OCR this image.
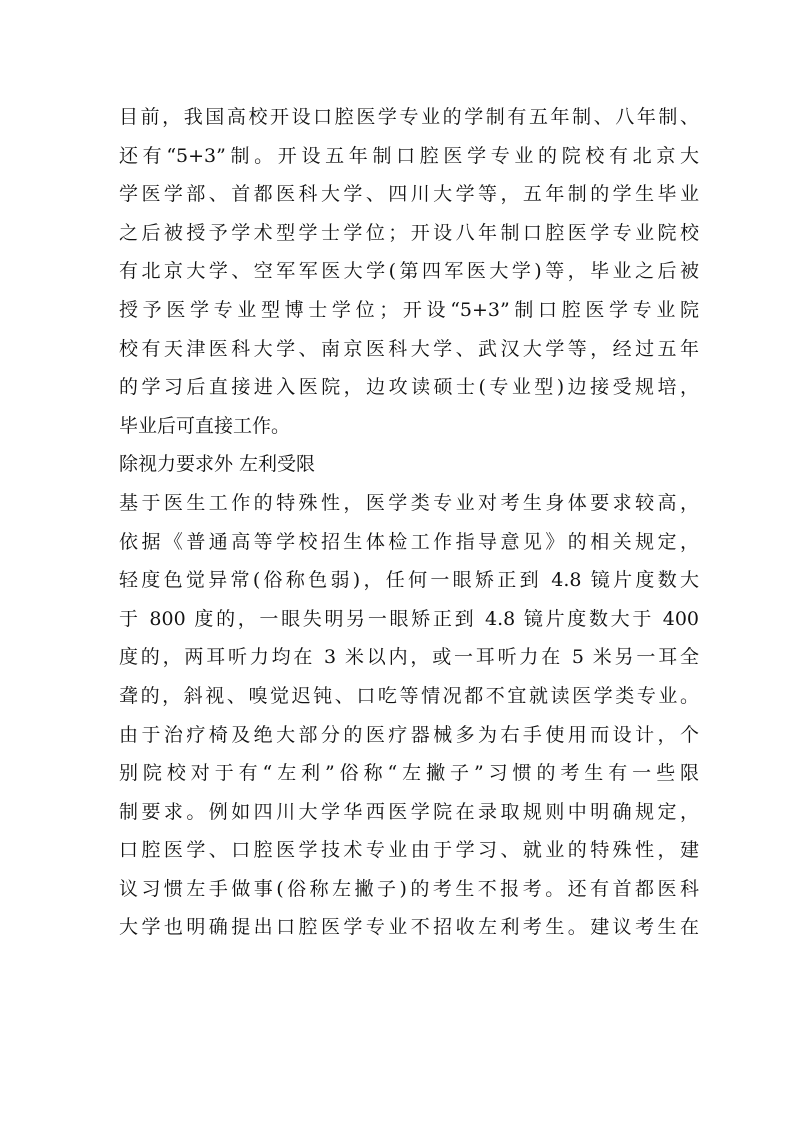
目前，我国高校开设口腔医学专业的学制有五年制、八年制、
还有“5+3”制。开设五年制口腔医学专业的院校有北京大
学医学部、首都医科大学、四川大学等，五年制的学生毕业
之后被授予学术型学士学位；开设八年制口腔医学专业院校
有北京大学、空军军医大学(第四军医大学)等，毕业之后被
授予医学专业型博士学位；开设“5+3”制口腔医学专业院
校有天津医科大学、南京医科大学、武汉大学等，经过五年
的学习后直接进入医院，边攻读硕士(专业型)边接受规培，
毕业后可直接工作。
除视力要求外 左利受限
基于医生工作的特殊性，医学类专业对考生身体要求较高，
依据《普通高等学校招生体检工作指导意见》的相关规定，
轻度色觉异常(俗称色弱)，任何一眼矫正到 4.8 镜片度数大
于 800 度的，一眼失明另一眼矫正到 4.8 镜片度数大于 400
度的，两耳听力均在 3 米以内，或一耳听力在 5 米另一耳全
聋的，斜视、嗅觉迟钝、口吃等情况都不宜就读医学类专业。
由于治疗椅及绝大部分的医疗器械多为右手使用而设计，个
别院校对于有“左利”俗称“左撇子”习惯的考生有一些限
制要求。例如四川大学华西医学院在录取规则中明确规定，
口腔医学、口腔医学技术专业由于学习、就业的特殊性，建
议习惯左手做事(俗称左撇子)的考生不报考。还有首都医科
大学也明确提出口腔医学专业不招收左利考生。建议考生在
